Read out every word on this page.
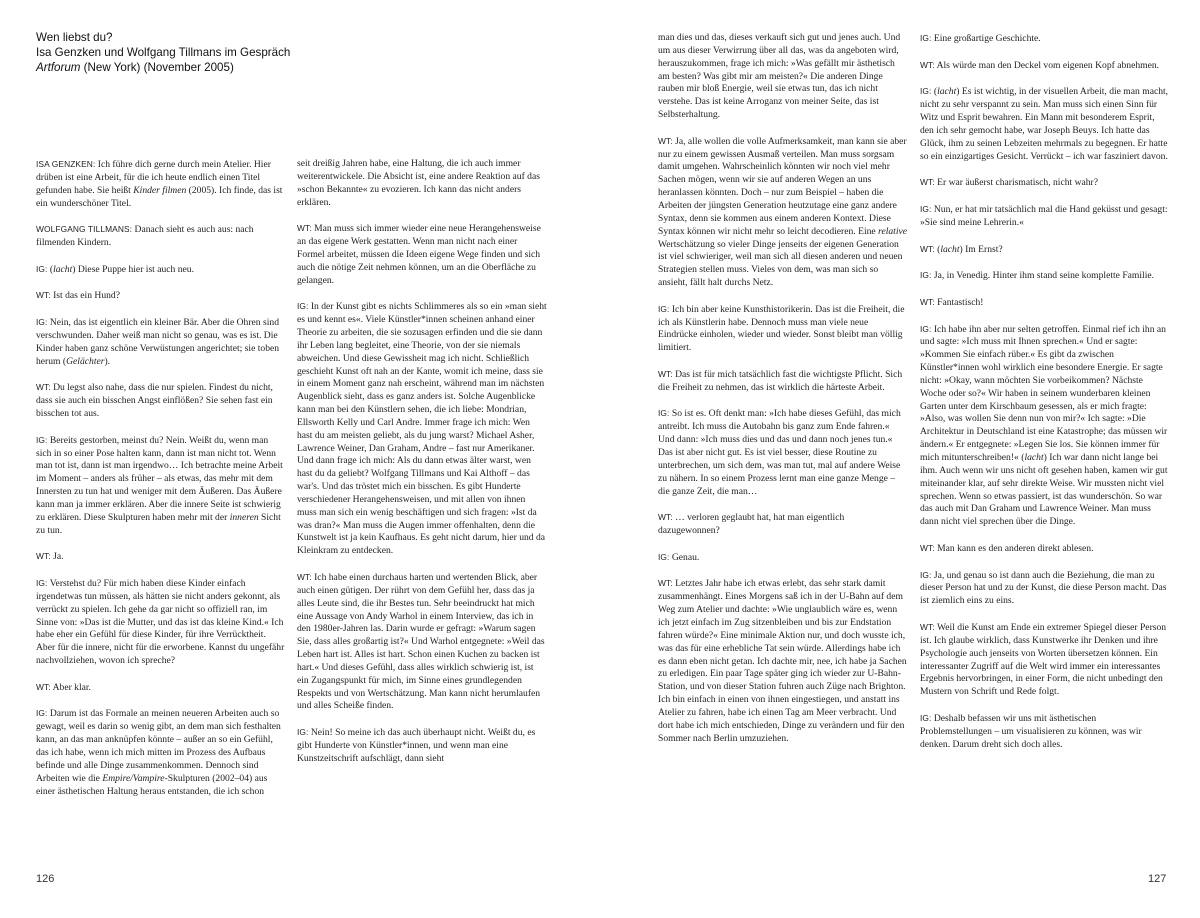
Wen liebst du?
Isa Genzken und Wolfgang Tillmans im Gespräch
Artforum (New York) (November 2005)

ISA GENZKEN: Ich führe dich gerne durch mein Atelier. Hier drüben ist eine Arbeit, für die ich heute endlich einen Titel gefunden habe. Sie heißt Kinder filmen (2005). Ich finde, das ist ein wunderschöner Titel.

WOLFGANG TILLMANS: Danach sieht es auch aus: nach filmenden Kindern.

IG: (lacht) Diese Puppe hier ist auch neu.

WT: Ist das ein Hund?

IG: Nein, das ist eigentlich ein kleiner Bär. Aber die Ohren sind verschwunden. Daher weiß man nicht so genau, was es ist. Die Kinder haben ganz schöne Verwüstungen angerichtet; sie toben herum (Gelächter).

WT: Du legst also nahe, dass die nur spielen. Findest du nicht, dass sie auch ein bisschen Angst einflößen? Sie sehen fast ein bisschen tot aus.

IG: Bereits gestorben, meinst du? Nein. Weißt du, wenn man sich in so einer Pose halten kann, dann ist man nicht tot. Wenn man tot ist, dann ist man irgendwo… Ich betrachte meine Arbeit im Moment – anders als früher – als etwas, das mehr mit dem Innersten zu tun hat und weniger mit dem Äußeren. Das Äußere kann man ja immer erklären. Aber die innere Seite ist schwierig zu erklären. Diese Skulpturen haben mehr mit der inneren Sicht zu tun.

WT: Ja.

IG: Verstehst du? Für mich haben diese Kinder einfach irgendetwas tun müssen, als hätten sie nicht anders gekonnt, als verrückt zu spielen. Ich gehe da gar nicht so offiziell ran, im Sinne von: »Das ist die Mutter, und das ist das kleine Kind.« Ich habe eher ein Gefühl für diese Kinder, für ihre Verrücktheit. Aber für die innere, nicht für die erworbene. Kannst du ungefähr nachvollziehen, wovon ich spreche?

WT: Aber klar.

IG: Darum ist das Formale an meinen neueren Arbeiten auch so gewagt, weil es darin so wenig gibt, an dem man sich festhalten kann, an das man anknüpfen könnte – außer an so ein Gefühl, das ich habe, wenn ich mich mitten im Prozess des Aufbaus befinde und alle Dinge zusammenkommen. Dennoch sind Arbeiten wie die Empire/Vampire-Skulpturen (2002–04) aus einer ästhetischen Haltung heraus entstanden, die ich schon

seit dreißig Jahren habe, eine Haltung, die ich auch immer weiterentwickele. Die Absicht ist, eine andere Reaktion auf das »schon Bekannte« zu evozieren. Ich kann das nicht anders erklären.

WT: Man muss sich immer wieder eine neue Herangehensweise an das eigene Werk gestatten. Wenn man nicht nach einer Formel arbeitet, müssen die Ideen eigene Wege finden und sich auch die nötige Zeit nehmen können, um an die Oberfläche zu gelangen.

IG: In der Kunst gibt es nichts Schlimmeres als so ein »man sieht es und kennt es«. Viele Künstler*innen scheinen anhand einer Theorie zu arbeiten, die sie sozusagen erfinden und die sie dann ihr Leben lang begleitet, eine Theorie, von der sie niemals abweichen. Und diese Gewissheit mag ich nicht. Schließlich geschieht Kunst oft nah an der Kante, womit ich meine, dass sie in einem Moment ganz nah erscheint, während man im nächsten Augenblick sieht, dass es ganz anders ist. Solche Augenblicke kann man bei den Künstlern sehen, die ich liebe: Mondrian, Ellsworth Kelly und Carl Andre. Immer frage ich mich: Wen hast du am meisten geliebt, als du jung warst? Michael Asher, Lawrence Weiner, Dan Graham, Andre – fast nur Amerikaner. Und dann frage ich mich: Als du dann etwas älter warst, wen hast du da geliebt? Wolfgang Tillmans und Kai Althoff – das war's. Und das tröstet mich ein bisschen. Es gibt Hunderte verschiedener Herangehensweisen, und mit allen von ihnen muss man sich ein wenig beschäftigen und sich fragen: »Ist da was dran?« Man muss die Augen immer offenhalten, denn die Kunstwelt ist ja kein Kaufhaus. Es geht nicht darum, hier und da Kleinkram zu entdecken.

WT: Ich habe einen durchaus harten und wertenden Blick, aber auch einen gütigen. Der rührt von dem Gefühl her, dass das ja alles Leute sind, die ihr Bestes tun. Sehr beeindruckt hat mich eine Aussage von Andy Warhol in einem Interview, das ich in den 1980er-Jahren las. Darin wurde er gefragt: »Warum sagen Sie, dass alles großartig ist?« Und Warhol entgegnete: »Weil das Leben hart ist. Alles ist hart. Schon einen Kuchen zu backen ist hart.« Und dieses Gefühl, dass alles wirklich schwierig ist, ist ein Zugangspunkt für mich, im Sinne eines grundlegenden Respekts und von Wertschätzung. Man kann nicht herumlaufen und alles Scheiße finden.

IG: Nein! So meine ich das auch überhaupt nicht. Weißt du, es gibt Hunderte von Künstler*innen, und wenn man eine Kunstzeitschrift aufschlägt, dann sieht

126

man dies und das, dieses verkauft sich gut und jenes auch. Und um aus dieser Verwirrung über all das, was da angeboten wird, herauszukommen, frage ich mich: »Was gefällt mir ästhetisch am besten? Was gibt mir am meisten?« Die anderen Dinge rauben mir bloß Energie, weil sie etwas tun, das ich nicht verstehe. Das ist keine Arroganz von meiner Seite, das ist Selbsterhaltung.

WT: Ja, alle wollen die volle Aufmerksamkeit, man kann sie aber nur zu einem gewissen Ausmaß verteilen. Man muss sorgsam damit umgehen. Wahrscheinlich könnten wir noch viel mehr Sachen mögen, wenn wir sie auf anderen Wegen an uns heranlassen könnten. Doch – nur zum Beispiel – haben die Arbeiten der jüngsten Generation heutzutage eine ganz andere Syntax, denn sie kommen aus einem anderen Kontext. Diese Syntax können wir nicht mehr so leicht decodieren. Eine relative Wertschätzung so vieler Dinge jenseits der eigenen Generation ist viel schwieriger, weil man sich all diesen anderen und neuen Strategien stellen muss. Vieles von dem, was man sich so ansieht, fällt halt durchs Netz.

IG: Ich bin aber keine Kunsthistorikerin. Das ist die Freiheit, die ich als Künstlerin habe. Dennoch muss man viele neue Eindrücke einholen, wieder und wieder. Sonst bleibt man völlig limitiert.

WT: Das ist für mich tatsächlich fast die wichtigste Pflicht. Sich die Freiheit zu nehmen, das ist wirklich die härteste Arbeit.

IG: So ist es. Oft denkt man: »Ich habe dieses Gefühl, das mich antreibt. Ich muss die Autobahn bis ganz zum Ende fahren.« Und dann: »Ich muss dies und das und dann noch jenes tun.« Das ist aber nicht gut. Es ist viel besser, diese Routine zu unterbrechen, um sich dem, was man tut, mal auf andere Weise zu nähern. In so einem Prozess lernt man eine ganze Menge – die ganze Zeit, die man…

WT: … verloren geglaubt hat, hat man eigentlich dazugewonnen?

IG: Genau.

WT: Letztes Jahr habe ich etwas erlebt, das sehr stark damit zusammenhängt. Eines Morgens saß ich in der U-Bahn auf dem Weg zum Atelier und dachte: »Wie unglaublich wäre es, wenn ich jetzt einfach im Zug sitzenbleiben und bis zur Endstation fahren würde?« Eine minimale Aktion nur, und doch wusste ich, was das für eine erhebliche Tat sein würde. Allerdings habe ich es dann eben nicht getan. Ich dachte mir, nee, ich habe ja Sachen zu erledigen. Ein paar Tage später ging ich wieder zur U-Bahn-Station, und von dieser Station fuhren auch Züge nach Brighton. Ich bin einfach in einen von ihnen eingestiegen, und anstatt ins Atelier zu fahren, habe ich einen Tag am Meer verbracht. Und dort habe ich mich entschieden, Dinge zu verändern und für den Sommer nach Berlin umzuziehen.

IG: Eine großartige Geschichte.

WT: Als würde man den Deckel vom eigenen Kopf abnehmen.

IG: (lacht) Es ist wichtig, in der visuellen Arbeit, die man macht, nicht zu sehr verspannt zu sein. Man muss sich einen Sinn für Witz und Esprit bewahren. Ein Mann mit besonderem Esprit, den ich sehr gemocht habe, war Joseph Beuys. Ich hatte das Glück, ihm zu seinen Lebzeiten mehrmals zu begegnen. Er hatte so ein einzigartiges Gesicht. Verrückt – ich war fasziniert davon.

WT: Er war äußerst charismatisch, nicht wahr?

IG: Nun, er hat mir tatsächlich mal die Hand geküsst und gesagt: »Sie sind meine Lehrerin.«

WT: (lacht) Im Ernst?

IG: Ja, in Venedig. Hinter ihm stand seine komplette Familie.

WT: Fantastisch!

IG: Ich habe ihn aber nur selten getroffen. Einmal rief ich ihn an und sagte: »Ich muss mit Ihnen sprechen.« Und er sagte: »Kommen Sie einfach rüber.« Es gibt da zwischen Künstler*innen wohl wirklich eine besondere Energie. Er sagte nicht: »Okay, wann möchten Sie vorbeikommen? Nächste Woche oder so?« Wir haben in seinem wunderbaren kleinen Garten unter dem Kirschbaum gesessen, als er mich fragte: »Also, was wollen Sie denn nun von mir?« Ich sagte: »Die Architektur in Deutschland ist eine Katastrophe; das müssen wir ändern.« Er entgegnete: »Legen Sie los. Sie können immer für mich mitunterschreiben!« (lacht) Ich war dann nicht lange bei ihm. Auch wenn wir uns nicht oft gesehen haben, kamen wir gut miteinander klar, auf sehr direkte Weise. Wir mussten nicht viel sprechen. Wenn so etwas passiert, ist das wunderschön. So war das auch mit Dan Graham und Lawrence Weiner. Man muss dann nicht viel sprechen über die Dinge.

WT: Man kann es den anderen direkt ablesen.

IG: Ja, und genau so ist dann auch die Beziehung, die man zu dieser Person hat und zu der Kunst, die diese Person macht. Das ist ziemlich eins zu eins.

WT: Weil die Kunst am Ende ein extremer Spiegel dieser Person ist. Ich glaube wirklich, dass Kunstwerke ihr Denken und ihre Psychologie auch jenseits von Worten übersetzen können. Ein interessanter Zugriff auf die Welt wird immer ein interessantes Ergebnis hervorbringen, in einer Form, die nicht unbedingt den Mustern von Schrift und Rede folgt.

IG: Deshalb befassen wir uns mit ästhetischen Problemstellungen – um visualisieren zu können, was wir denken. Darum dreht sich doch alles.

127
